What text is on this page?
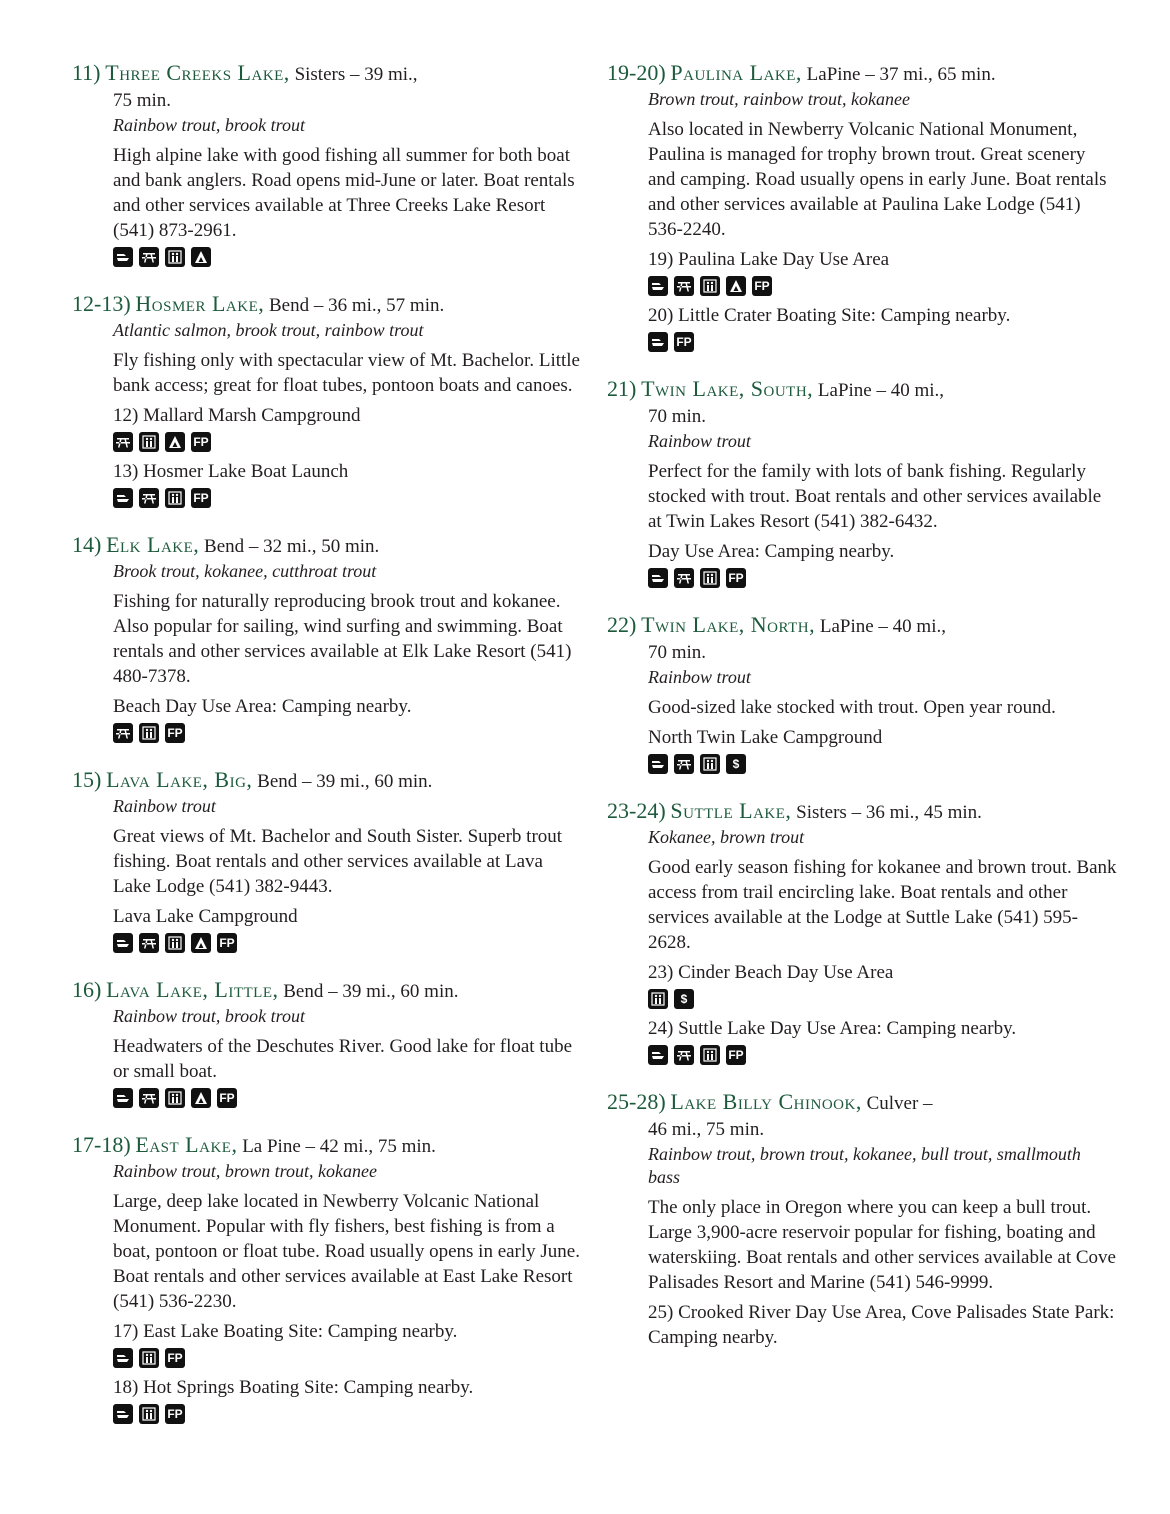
11) Three Creeks Lake, Sisters – 39 mi.,

75 min.
Rainbow trout, brook trout
High alpine lake with good fishing all summer for both boat and bank anglers. Road opens mid-June or later. Boat rentals and other services available at Three Creeks Lake Resort (541) 873-2961.

12-13) Hosmer Lake, Bend – 36 mi., 57 min.

Atlantic salmon, brook trout, rainbow trout
Fly fishing only with spectacular view of Mt. Bachelor. Little bank access; great for float tubes, pontoon boats and canoes.
12) Mallard Marsh Campground
FP
13) Hosmer Lake Boat Launch
FP

14) Elk Lake, Bend – 32 mi., 50 min.

Brook trout, kokanee, cutthroat trout
Fishing for naturally reproducing brook trout and kokanee. Also popular for sailing, wind surfing and swimming. Boat rentals and other services available at Elk Lake Resort (541) 480-7378.
Beach Day Use Area: Camping nearby.
FP

15) Lava Lake, Big, Bend – 39 mi., 60 min.

Rainbow trout
Great views of Mt. Bachelor and South Sister. Superb trout fishing. Boat rentals and other services available at Lava Lake Lodge (541) 382-9443.
Lava Lake Campground
FP

16) Lava Lake, Little, Bend – 39 mi., 60 min.

Rainbow trout, brook trout
Headwaters of the Deschutes River. Good lake for float tube or small boat.
FP

17-18) East Lake, La Pine – 42 mi., 75 min.

Rainbow trout, brown trout, kokanee
Large, deep lake located in Newberry Volcanic National Monument. Popular with fly fishers, best fishing is from a boat, pontoon or float tube. Road usually opens in early June. Boat rentals and other services available at East Lake Resort (541) 536-2230.
17) East Lake Boating Site: Camping nearby.
FP
18) Hot Springs Boating Site: Camping nearby.
FP

19-20) Paulina Lake, LaPine – 37 mi., 65 min.

Brown trout, rainbow trout, kokanee
Also located in Newberry Volcanic National Monument, Paulina is managed for trophy brown trout. Great scenery and camping. Road usually opens in early June. Boat rentals and other services available at Paulina Lake Lodge (541) 536-2240.
19) Paulina Lake Day Use Area
FP
20) Little Crater Boating Site: Camping nearby.
FP

21) Twin Lake, South, LaPine – 40 mi.,

70 min.
Rainbow trout
Perfect for the family with lots of bank fishing. Regularly stocked with trout. Boat rentals and other services available at Twin Lakes Resort (541) 382-6432.
Day Use Area: Camping nearby.
FP

22) Twin Lake, North, LaPine – 40 mi.,

70 min.
Rainbow trout
Good-sized lake stocked with trout. Open year round.
North Twin Lake Campground
$

23-24) Suttle Lake, Sisters – 36 mi., 45 min.

Kokanee, brown trout
Good early season fishing for kokanee and brown trout. Bank access from trail encircling lake. Boat rentals and other services available at the Lodge at Suttle Lake (541) 595-2628.
23) Cinder Beach Day Use Area
$
24) Suttle Lake Day Use Area: Camping nearby.
FP

25-28) Lake Billy Chinook, Culver –

46 mi., 75 min.
Rainbow trout, brown trout, kokanee, bull trout, smallmouth bass
The only place in Oregon where you can keep a bull trout. Large 3,900-acre reservoir popular for fishing, boating and waterskiing. Boat rentals and other services available at Cove Palisades Resort and Marine (541) 546-9999.
25) Crooked River Day Use Area, Cove Palisades State Park: Camping nearby.
